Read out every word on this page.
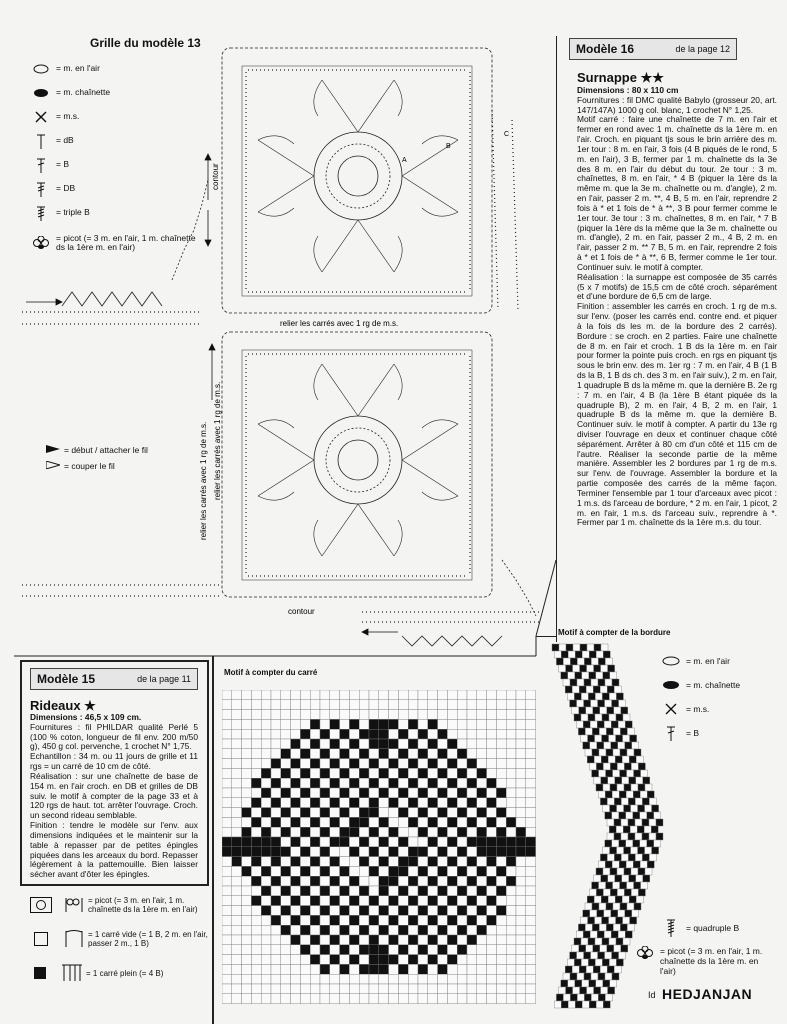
Grille du modèle 13
= m. en l'air
= m. chaînette
= m.s.
= dB
= B
= DB
= triple B
= picot (= 3 m. en l'air, 1 m. chaînette ds la 1ère m. en l'air)
= début / attacher le fil
= couper le fil
contour
relier les carrés avec 1 rg de m.s.
relier les carrés avec 1 rg de m.s.
relier les carrés avec 1 rg de m.s.
contour
A
B
C
Modèle 16	de la page 12
Surnappe ★★
Dimensions : 80 x 110 cm
Fournitures : fil DMC qualité Babylo (grosseur 20, art. 147/147A) 1000 g col. blanc, 1 crochet N° 1,25.
Motif carré : faire une chaînette de 7 m. en l'air et fermer en rond avec 1 m. chaînette ds la 1ère m. en l'air. Croch. en piquant tjs sous le brin arrière des m. 1er tour : 8 m. en l'air, 3 fois (4 B piqués de le rond, 5 m. en l'air), 3 B, fermer par 1 m. chaînette ds la 3e des 8 m. en l'air du début du tour. 2e tour : 3 m. chaînettes, 8 m. en l'air, * 4 B (piquer la 1ère ds la même m. que la 3e m. chaînette ou m. d'angle), 2 m. en l'air, passer 2 m. **, 4 B, 5 m. en l'air, reprendre 2 fois à * et 1 fois de * à **, 3 B pour fermer comme le 1er tour. 3e tour : 3 m. chaînettes, 8 m. en l'air, * 7 B (piquer la 1ère ds la même que la 3e m. chaînette ou m. d'angle), 2 m. en l'air, passer 2 m., 4 B, 2 m. en l'air, passer 2 m. ** 7 B, 5 m. en l'air, reprendre 2 fois à * et 1 fois de * à **, 6 B, fermer comme le 1er tour. Continuer suiv. le motif à compter.
Réalisation : la surnappe est composée de 35 carrés (5 x 7 motifs) de 15,5 cm de côté croch. séparément et d'une bordure de 6,5 cm de large.
Finition : assembler les carrés en croch. 1 rg de m.s. sur l'env. (poser les carrés end. contre end. et piquer à la fois ds les m. de la bordure des 2 carrés). Bordure : se croch. en 2 parties. Faire une chaînette de 8 m. en l'air et croch. 1 B ds la 1ère m. en l'air pour former la pointe puis croch. en rgs en piquant tjs sous le brin env. des m. 1er rg : 7 m. en l'air, 4 B (1 B ds la B, 1 B ds ch. des 3 m. en l'air suiv.), 2 m. en l'air, 1 quadruple B ds la même m. que la dernière B. 2e rg : 7 m. en l'air, 4 B (la 1ère B étant piquée ds la quadruple B), 2 m. en l'air, 4 B, 2 m. en l'air, 1 quadruple B ds la même m. que la dernière B. Continuer suiv. le motif à compter. A partir du 13e rg diviser l'ouvrage en deux et continuer chaque côté séparément. Arrêter à 80 cm d'un côté et 115 cm de l'autre. Réaliser la seconde partie de la même manière. Assembler les 2 bordures par 1 rg de m.s. sur l'env. de l'ouvrage. Assembler la bordure et la partie composée des carrés de la même façon. Terminer l'ensemble par 1 tour d'arceaux avec picot : 1 m.s. ds l'arceau de bordure, * 2 m. en l'air, 1 picot, 2 m. en l'air, 1 m.s. ds l'arceau suiv., reprendre à *. Fermer par 1 m. chaînette ds la 1ère m.s. du tour.
Modèle 15	de la page 11
Rideaux ★
Dimensions : 46,5 x 109 cm.
Fournitures : fil PHILDAR qualité Perlé 5 (100 % coton, longueur de fil env. 200 m/50 g), 450 g col. pervenche, 1 crochet N° 1,75.
Echantillon : 34 m. ou 11 jours de grille et 11 rgs = un carré de 10 cm de côté.
Réalisation : sur une chaînette de base de 154 m. en l'air croch. en DB et grilles de DB suiv. le motif à compter de la page 33 et à 120 rgs de haut. tot. arrêter l'ouvrage. Croch. un second rideau semblable.
Finition : tendre le modèle sur l'env. aux dimensions indiquées et le maintenir sur la table à repasser par de petites épingles piquées dans les arceaux du bord. Repasser légèrement à la pattemouille. Bien laisser sécher avant d'ôter les épingles.
= picot (= 3 m. en l'air, 1 m. chaînette ds la 1ère m. en l'air)
= 1 carré vide (= 1 B, 2 m. en l'air, passer 2 m., 1 B)
= 1 carré plein (= 4 B)
Motif à compter du carré
Motif à compter de la bordure
= m. en l'air
= m. chaînette
= m.s.
= B
= quadruple B
= picot (= 3 m. en l'air, 1 m. chaînette ds la 1ère m. en l'air)
Id HEDJANJAN
